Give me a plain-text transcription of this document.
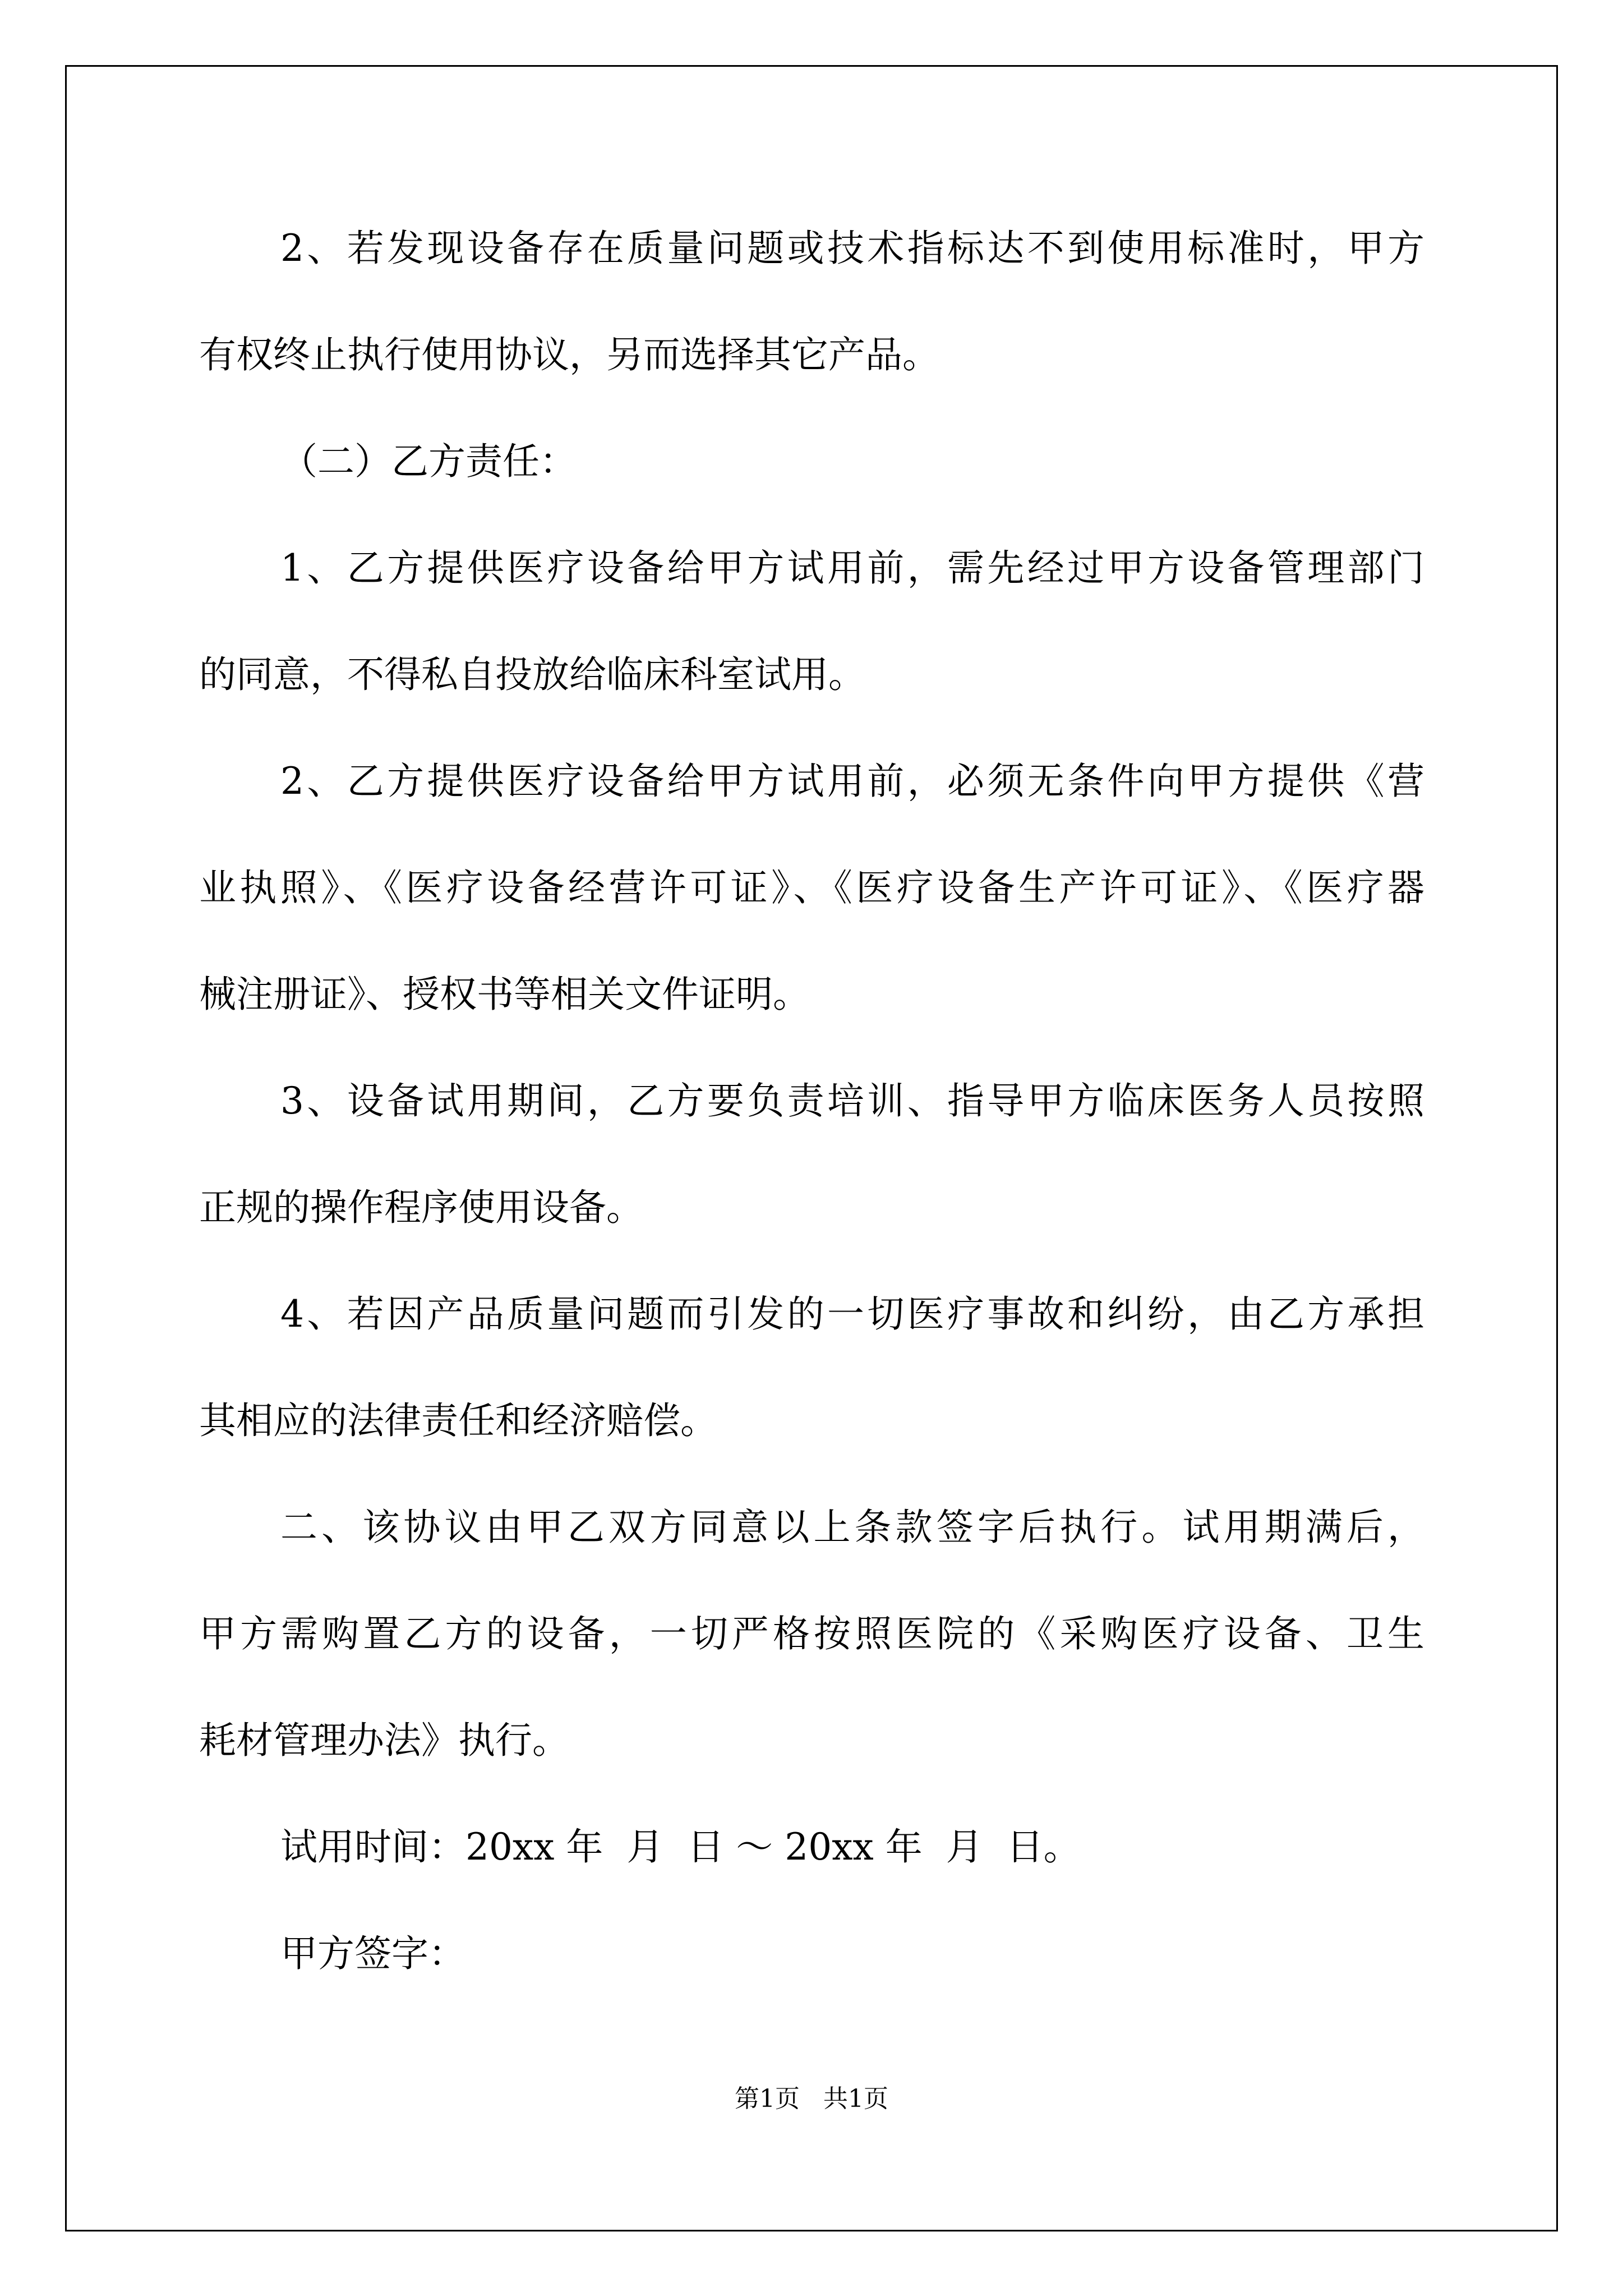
2、若发现设备存在质量问题或技术指标达不到使用标准时，甲方
有权终止执行使用协议，另而选择其它产品。
（二）乙方责任：
1、乙方提供医疗设备给甲方试用前，需先经过甲方设备管理部门
的同意，不得私自投放给临床科室试用。
2、乙方提供医疗设备给甲方试用前，必须无条件向甲方提供《营
业执照》、《医疗设备经营许可证》、《医疗设备生产许可证》、《医疗器
械注册证》、授权书等相关文件证明。
3、设备试用期间，乙方要负责培训、指导甲方临床医务人员按照
正规的操作程序使用设备。
4、若因产品质量问题而引发的一切医疗事故和纠纷，由乙方承担
其相应的法律责任和经济赔偿。
二、该协议由甲乙双方同意以上条款签字后执行。试用期满后，
甲方需购置乙方的设备，一切严格按照医院的《采购医疗设备、卫生
耗材管理办法》执行。
试用时间：20xx 年  月  日 ～ 20xx 年  月  日。
甲方签字：
第1页   共1页
